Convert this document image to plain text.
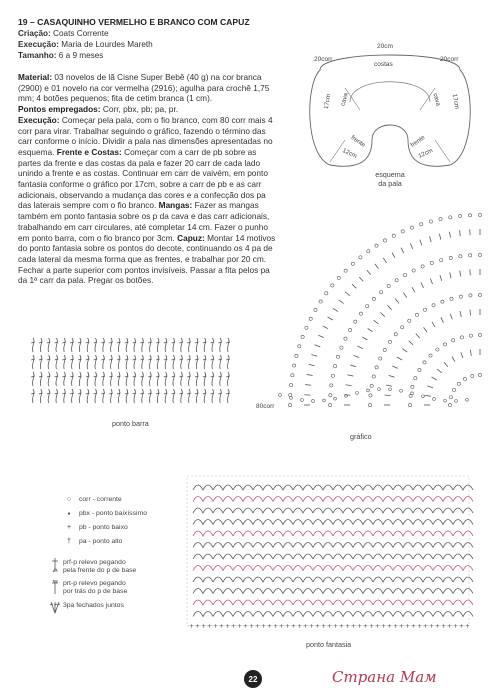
19 – CASAQUINHO VERMELHO E BRANCO COM CAPUZ
Criação: Coats Corrente
Execução: Maria de Lourdes Mareth
Tamanho: 6 a 9 meses
Material: 03 novelos de lã Cisne Super Bebê (40 g) na cor branca (2900) e 01 novelo na cor vermelha (2916); agulha para crochê 1,75 mm; 4 botões pequenos; fita de cetim branca (1 cm).
Pontos empregados: Corr, pbx, pb; pa, pr.
Execução: Começar pela pala, com o fio branco, com 80 corr mais 4 corr para virar. Trabalhar seguindo o gráfico, fazendo o término das carr conforme o início. Dividir a pala nas dimensões apresentadas no esquema. Frente e Costas: Começar com a carr de pb sobre as partes da frente e das costas da pala e fazer 20 carr de cada lado unindo a frente e as costas. Continuar em carr de vaivém, em ponto fantasia conforme o gráfico por 17cm, sobre a carr de pb e as carr adicionais, observando a mudança das cores e a confecção dos pa das laterais sempre com o fio branco. Mangas: Fazer as mangas também em ponto fantasia sobre os p da cava e das carr adicionais, trabalhando em carr circulares, até completar 14 cm. Fazer o punho em ponto barra, com o fio branco por 3cm. Capuz: Montar 14 motivos do ponto fantasia sobre os pontos do decote, continuando os 4 pa de cada lateral da mesma forma que as frentes, e trabalhar por 20 cm. Fechar a parte superior com pontos invisíveis. Passar a fita pelos pa da 1ª carr da pala. Pregar os botões.
20cm
costas
20corr	20corr
17cm	17cm
cava	cava
frente	frente
12cm	12cm
esquema
da pala
80corr
gráfico
ponto barra
○	corr - corrente
●	pbx - ponto baixíssimo
+	pb - ponto baixo
†	pa - ponto alto
prf-p relevo pegando
pela frente do p de base
prt-p relevo pegando
por trás do p de base
3pa fechados juntos
+ + + + + + + + + + + + + + + + + + + + + + + + + + + + + + + + + + + + + + + + + + + + + + +
ponto fantasia
22	Страна Мам
